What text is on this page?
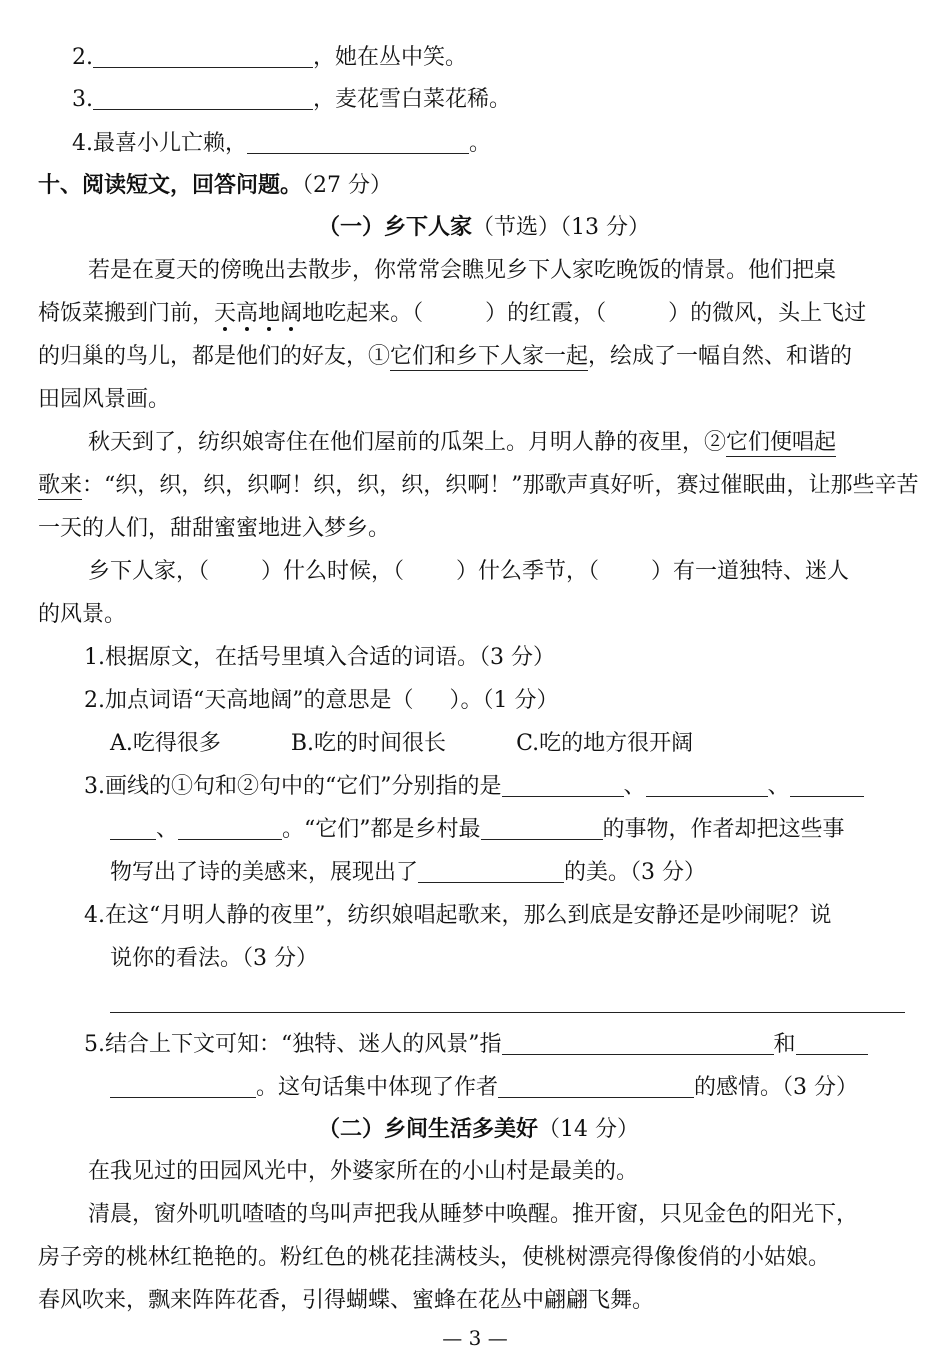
2.	，她在丛中笑。
3.	，麦花雪白菜花稀。
4.最喜小儿亡赖，	。
十、阅读短文，回答问题。（27 分）
（一）乡下人家（节选）（13 分）
若是在夏天的傍晚出去散步，你常常会瞧见乡下人家吃晚饭的情景。他们把桌
椅饭菜搬到门前，天高地阔地吃起来。（	）的红霞，（	）的微风，头上飞过
的归巢的鸟儿，都是他们的好友，①它们和乡下人家一起，绘成了一幅自然、和谐的
田园风景画。
秋天到了，纺织娘寄住在他们屋前的瓜架上。月明人静的夜里，②它们便唱起
歌来：“织，织，织，织啊！织，织，织，织啊！”那歌声真好听，赛过催眠曲，让那些辛苦
一天的人们，甜甜蜜蜜地进入梦乡。
乡下人家，（ ）什么时候，（ ）什么季节，（ ）有一道独特、迷人
的风景。
1.根据原文，在括号里填入合适的词语。（3 分）
2.加点词语“天高地阔”的意思是（ ）。（1 分）
A.吃得很多	B.吃的时间很长	C.吃的地方很开阔
3.画线的①句和②句中的“它们”分别指的是	、	、
、	。“它们”都是乡村最	的事物，作者却把这些事
物写出了诗的美感来，展现出了	的美。（3 分）
4.在这“月明人静的夜里”，纺织娘唱起歌来，那么到底是安静还是吵闹呢？说
说你的看法。（3 分）
5.结合上下文可知：“独特、迷人的风景”指	和
。这句话集中体现了作者	的感情。（3 分）
（二）乡间生活多美好（14 分）
在我见过的田园风光中，外婆家所在的小山村是最美的。
清晨，窗外叽叽喳喳的鸟叫声把我从睡梦中唤醒。推开窗，只见金色的阳光下，
房子旁的桃林红艳艳的。粉红色的桃花挂满枝头，使桃树漂亮得像俊俏的小姑娘。
春风吹来，飘来阵阵花香，引得蝴蝶、蜜蜂在花丛中翩翩飞舞。
— 3 —
